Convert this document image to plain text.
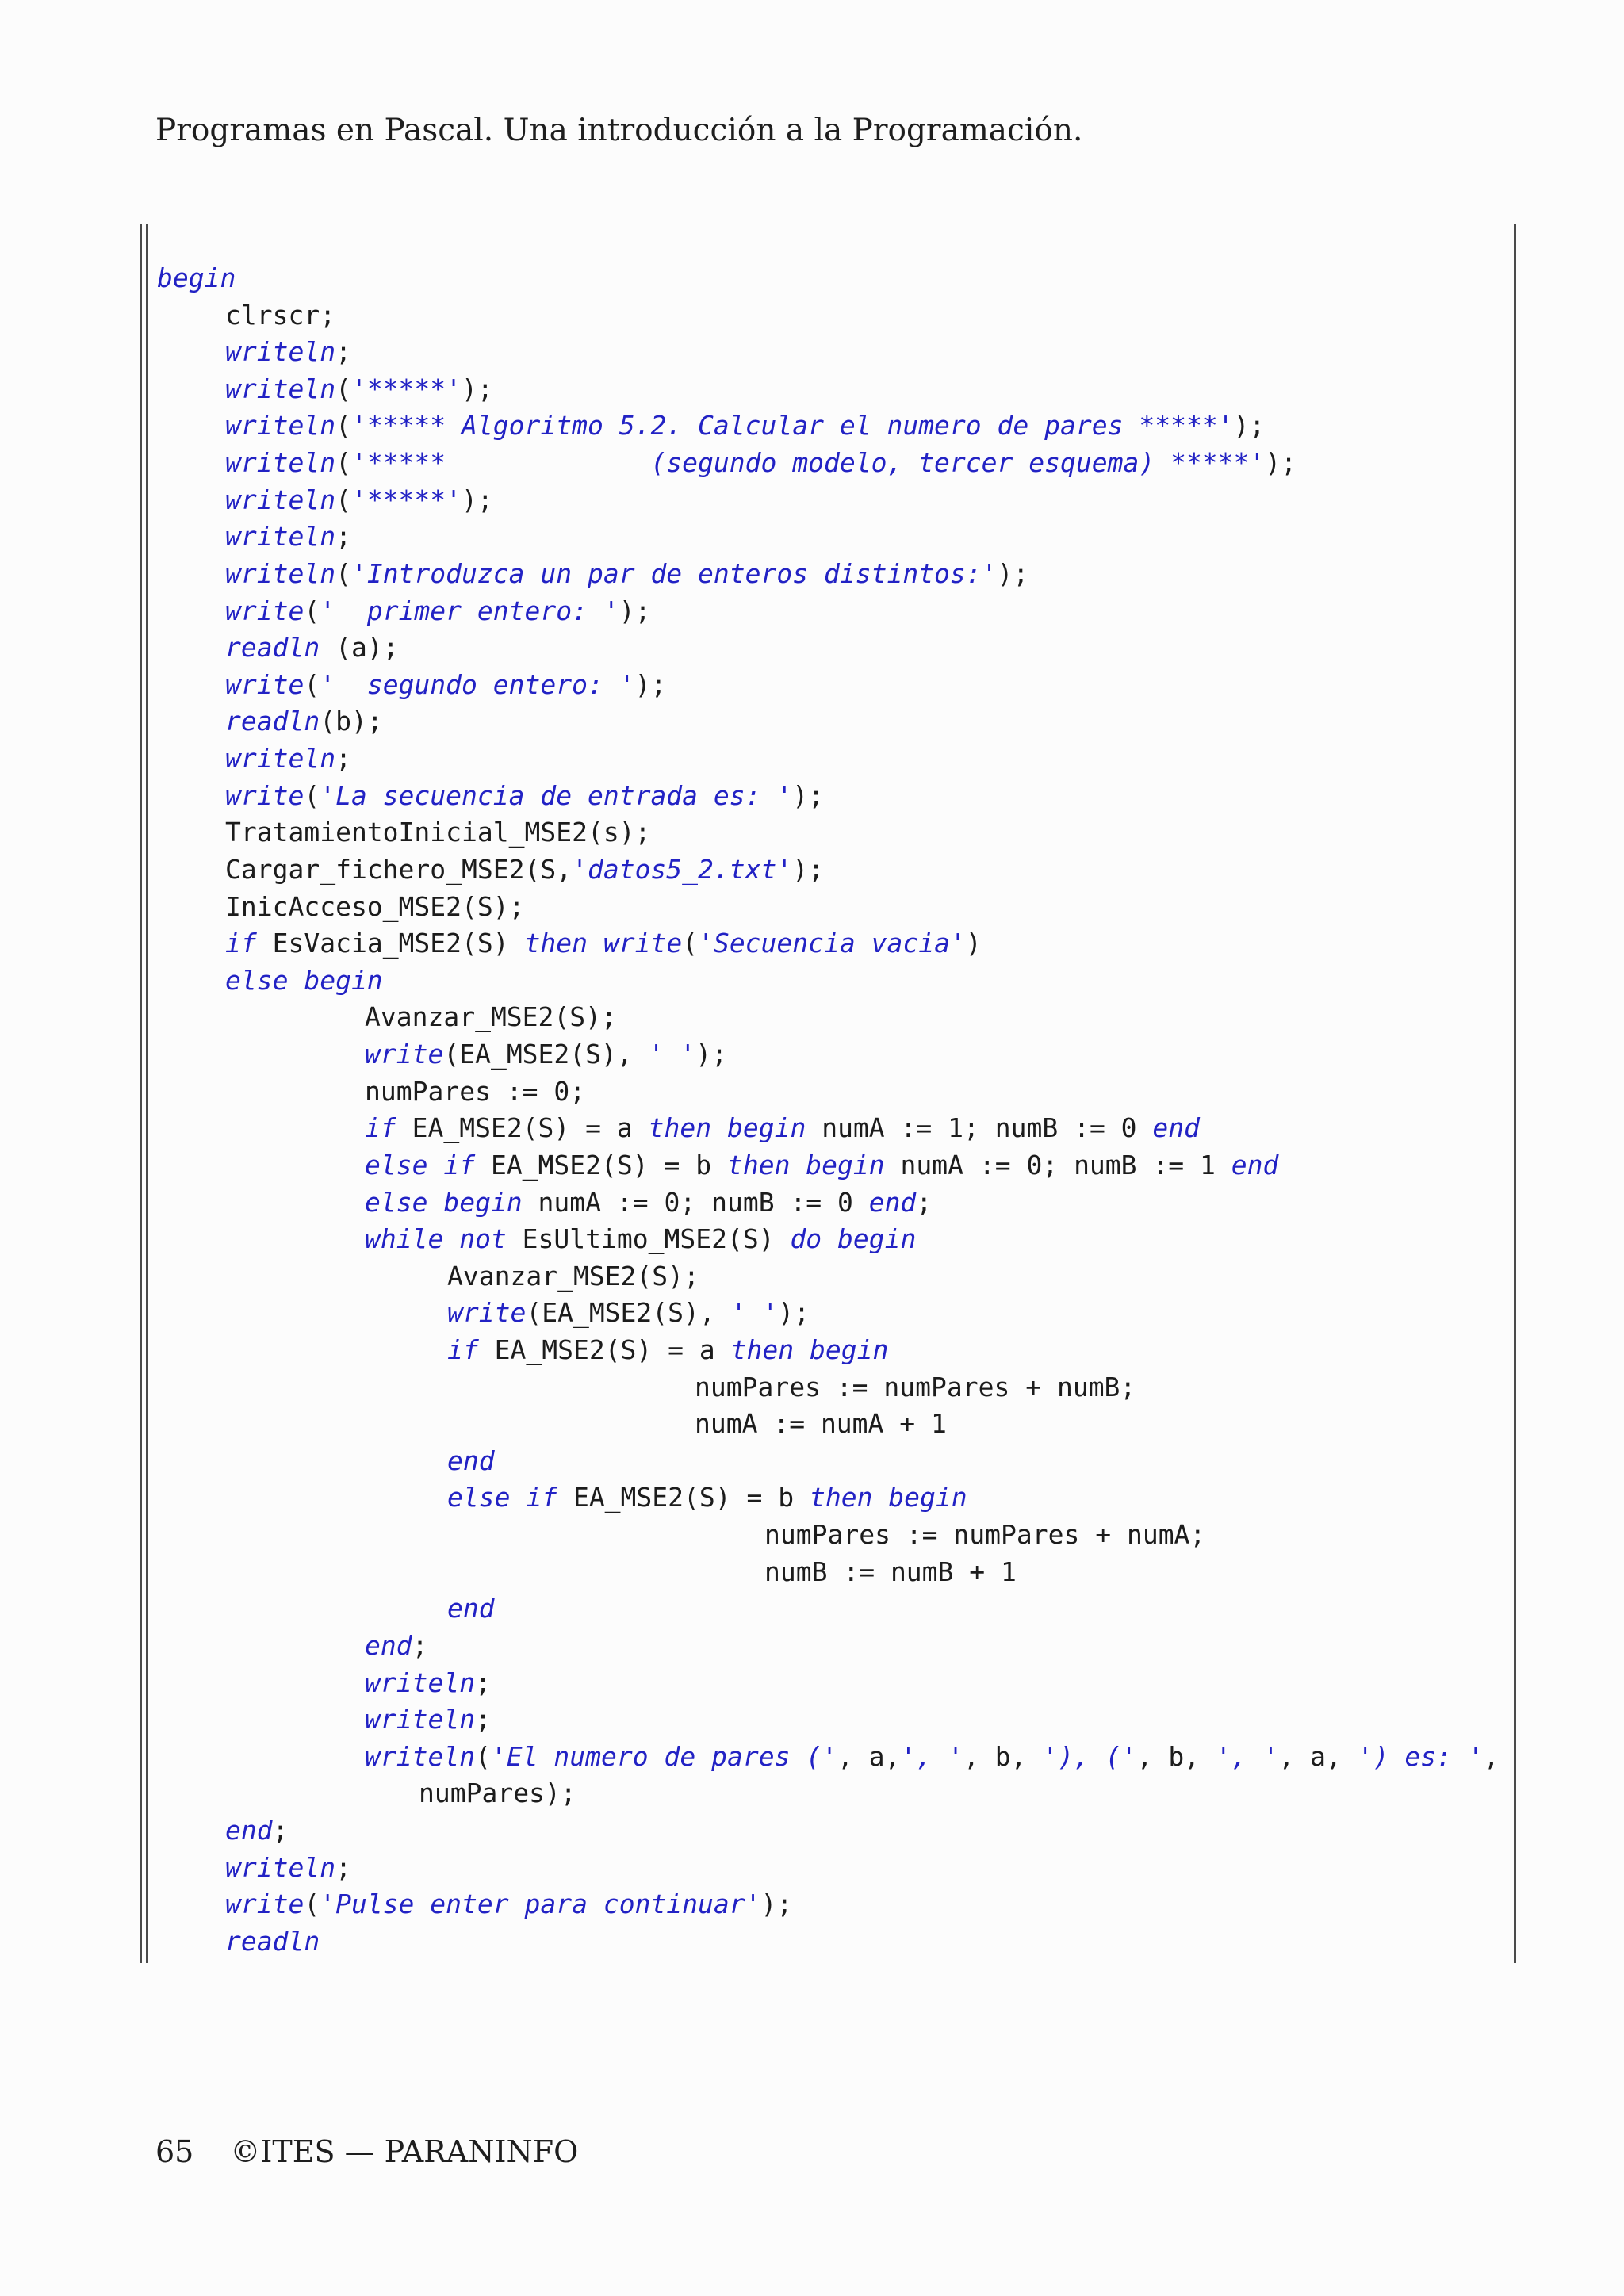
Programas en Pascal. Una introducción a la Programación.
begin
clrscr;
writeln;
writeln('*****');
writeln('***** Algoritmo 5.2. Calcular el numero de pares *****');
writeln('*****             (segundo modelo, tercer esquema) *****');
writeln('*****');
writeln;
writeln('Introduzca un par de enteros distintos:');
write('  primer entero: ');
readln (a);
write('  segundo entero: ');
readln(b);
writeln;
write('La secuencia de entrada es: ');
TratamientoInicial_MSE2(s);
Cargar_fichero_MSE2(S,'datos5_2.txt');
InicAcceso_MSE2(S);
if EsVacia_MSE2(S) then write('Secuencia vacia')
else begin
Avanzar_MSE2(S);
write(EA_MSE2(S), ' ');
numPares := 0;
if EA_MSE2(S) = a then begin numA := 1; numB := 0 end
else if EA_MSE2(S) = b then begin numA := 0; numB := 1 end
else begin numA := 0; numB := 0 end;
while not EsUltimo_MSE2(S) do begin
Avanzar_MSE2(S);
write(EA_MSE2(S), ' ');
if EA_MSE2(S) = a then begin
numPares := numPares + numB;
numA := numA + 1
end
else if EA_MSE2(S) = b then begin
numPares := numPares + numA;
numB := numB + 1
end
end;
writeln;
writeln;
writeln('El numero de pares (', a,', ', b, '), (', b, ', ', a, ') es: ',
numPares);
end;
writeln;
write('Pulse enter para continuar');
readln
65 ©ITES — PARANINFO
